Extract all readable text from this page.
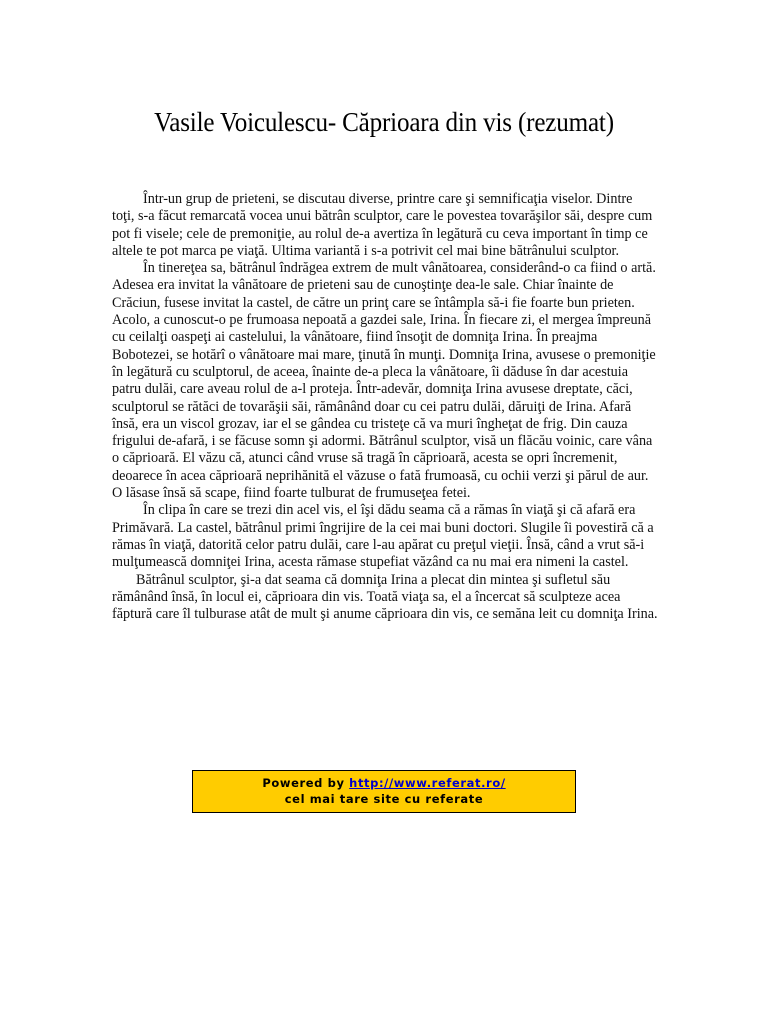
Vasile Voiculescu- Căprioara din vis (rezumat)

Într-un grup de prieteni, se discutau diverse, printre care şi semnificaţia viselor. Dintre toţi, s-a făcut remarcată vocea unui bătrân sculptor, care le povestea tovarăşilor săi, despre cum pot fi visele; cele de premoniţie, au rolul de-a avertiza în legătură cu ceva important în timp ce altele te pot marca pe viaţă. Ultima variantă i s-a potrivit cel mai bine bătrânului sculptor.

În tinereţea sa, bătrânul îndrăgea extrem de mult vânătoarea, considerând-o ca fiind o artă. Adesea era invitat la vânătoare de prieteni sau de cunoştinţe dea-le sale. Chiar înainte de Crăciun, fusese invitat la castel, de către un prinţ care se întâmpla să-i fie foarte bun prieten. Acolo, a cunoscut-o pe frumoasa nepoată a gazdei sale, Irina. În fiecare zi, el mergea împreună cu ceilalţi oaspeţi ai castelului, la vânătoare, fiind însoţit de domniţa Irina. În preajma Bobotezei, se hotărî o vânătoare mai mare, ţinută în munţi. Domniţa Irina, avusese o premoniţie în legătură cu sculptorul, de aceea, înainte de-a pleca la vânătoare, îi dăduse în dar acestuia patru dulăi, care aveau rolul de a-l proteja. Într-adevăr, domniţa Irina avusese dreptate, căci, sculptorul se rătăci de tovarăşii săi, rămânând doar cu cei patru dulăi, dăruiţi de Irina. Afară însă, era un viscol grozav, iar el se gândea cu tristeţe că va muri îngheţat de frig. Din cauza frigului de-afară, i se făcuse somn şi adormi. Bătrânul sculptor, visă un flăcău voinic, care vâna o căprioară. El văzu că, atunci când vruse să tragă în căprioară, acesta se opri încremenit, deoarece în acea căprioară neprihănită el văzuse o fată frumoasă, cu ochii verzi şi părul de aur. O lăsase însă să scape, fiind foarte tulburat de frumuseţea fetei.

În clipa în care se trezi din acel vis, el îşi dădu seama că a rămas în viaţă şi că afară era Primăvară. La castel, bătrânul primi îngrijire de la cei mai buni doctori. Slugile îi povestiră că a rămas în viaţă, datorită celor patru dulăi, care l-au apărat cu preţul vieţii. Însă, când a vrut să-i mulţumească domniţei Irina, acesta rămase stupefiat văzând ca nu mai era nimeni la castel.

Bătrânul sculptor, şi-a dat seama că domniţa Irina a plecat din mintea şi sufletul său rămânând însă, în locul ei, căprioara din vis. Toată viaţa sa, el a încercat să sculpteze acea făptură care îl tulburase atât de mult şi anume căprioara din vis, ce semăna leit cu domniţa Irina.

Powered by http://www.referat.ro/
cel mai tare site cu referate
